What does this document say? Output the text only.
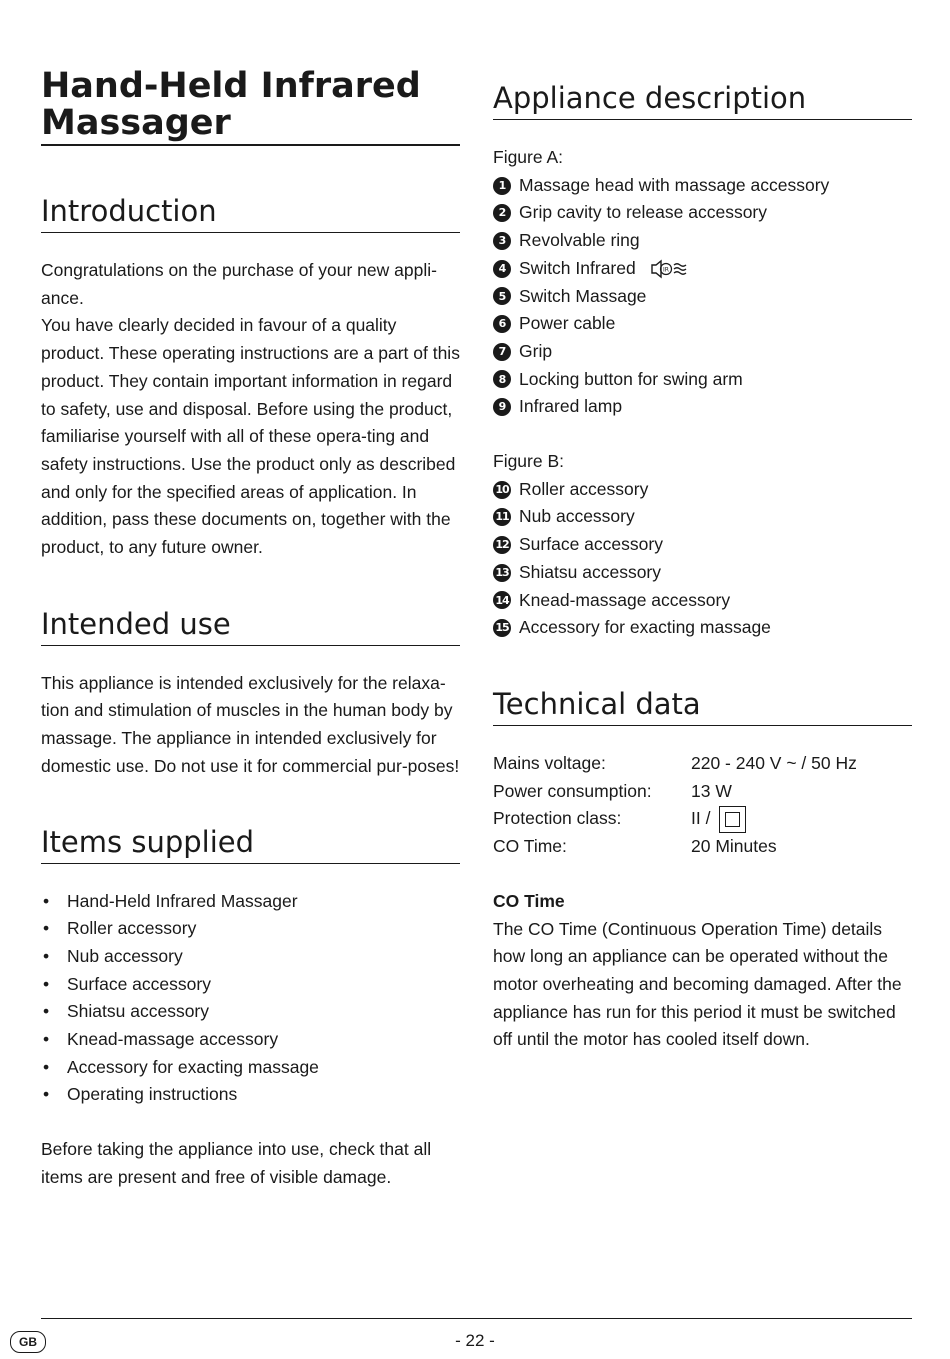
Hand-Held Infrared Massager
Introduction

Congratulations on the purchase of your new appli-ance.

You have clearly decided in favour of a quality product. These operating instructions are a part of this product. They contain important information in regard to safety, use and disposal. Before using the product, familiarise yourself with all of these opera-ting and safety instructions. Use the product only as described and only for the specified areas of application. In addition, pass these documents on, together with the product, to any future owner.

Intended use

This appliance is intended exclusively for the relaxa-tion and stimulation of muscles in the human body by massage. The appliance in intended exclusively for domestic use. Do not use it for commercial pur-poses!

Items supplied
• Hand-Held Infrared Massager
• Roller accessory
• Nub accessory
• Surface accessory
• Shiatsu accessory
• Knead-massage accessory
• Accessory for exacting massage
• Operating instructions

Before taking the appliance into use, check that all items are present and free of visible damage.

Appliance description

Figure A:

1 Massage head with massage accessory
2 Grip cavity to release accessory
3 Revolvable ring
4 Switch Infrared	IR
5 Switch Massage
6 Power cable
7 Grip
8 Locking button for swing arm
9 Infrared lamp

Figure B:

10 Roller accessory
11 Nub accessory
12 Surface accessory
13 Shiatsu accessory
14 Knead-massage accessory
15 Accessory for exacting massage
Technical data
Mains voltage:	220 - 240 V ~ / 50 Hz
Power consumption:	13 W
Protection class:	II /
CO Time:	20 Minutes

CO Time

The CO Time (Continuous Operation Time) details how long an appliance can be operated without the motor overheating and becoming damaged. After the appliance has run for this period it must be switched off until the motor has cooled itself down.

GB	- 22 -
